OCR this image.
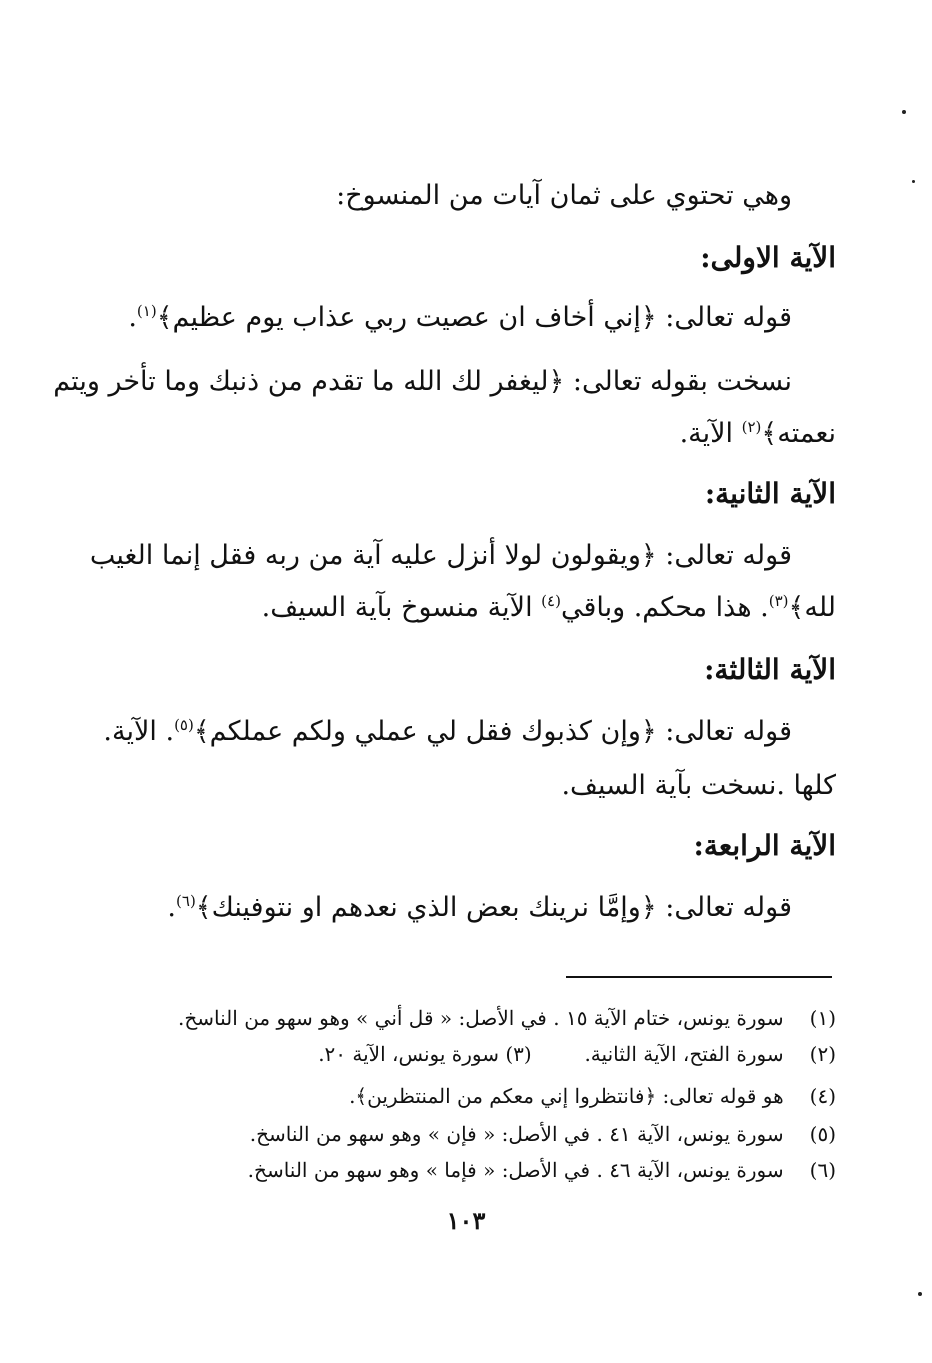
وهي تحتوي على ثمان آيات من المنسوخ:
الآية الاولى:
قوله تعالى: ﴿إني أخاف ان عصيت ربي عذاب يوم عظيم﴾$^{(١)}$.
نسخت بقوله تعالى: ﴿ليغفر لك الله ما تقدم من ذنبك وما تأخر ويتم
نعمته﴾$^{(٢)}$ الآية.
الآية الثانية:
قوله تعالى: ﴿ويقولون لولا أنزل عليه آية من ربه فقل إنما الغيب
لله﴾$^{(٣)}$. هذا محكم. وباقي$^{(٤)}$ الآية منسوخ بآية السيف.
الآية الثالثة:
قوله تعالى: ﴿وإن كذبوك فقل لي عملي ولكم عملكم﴾$^{(٥)}$. الآية.
كلها .نسخت بآية السيف.
الآية الرابعة:
قوله تعالى: ﴿وإمَّا نرينك بعض الذي نعدهم او نتوفينك﴾$^{(٦)}$.
(١) سورة يونس، ختام الآية ١٥ . في الأصل: « قل أني » وهو سهو من الناسخ.
(٢) سورة الفتح، الآية الثانية.  (٣) سورة يونس، الآية ٢٠.
(٤) هو قوله تعالى: ﴿فانتظروا إني معكم من المنتظرين﴾.
(٥) سورة يونس، الآية ٤١ . في الأصل: « فإن » وهو سهو من الناسخ.
(٦) سورة يونس، الآية ٤٦ . في الأصل: « فإما » وهو سهو من الناسخ.
١٠٣
